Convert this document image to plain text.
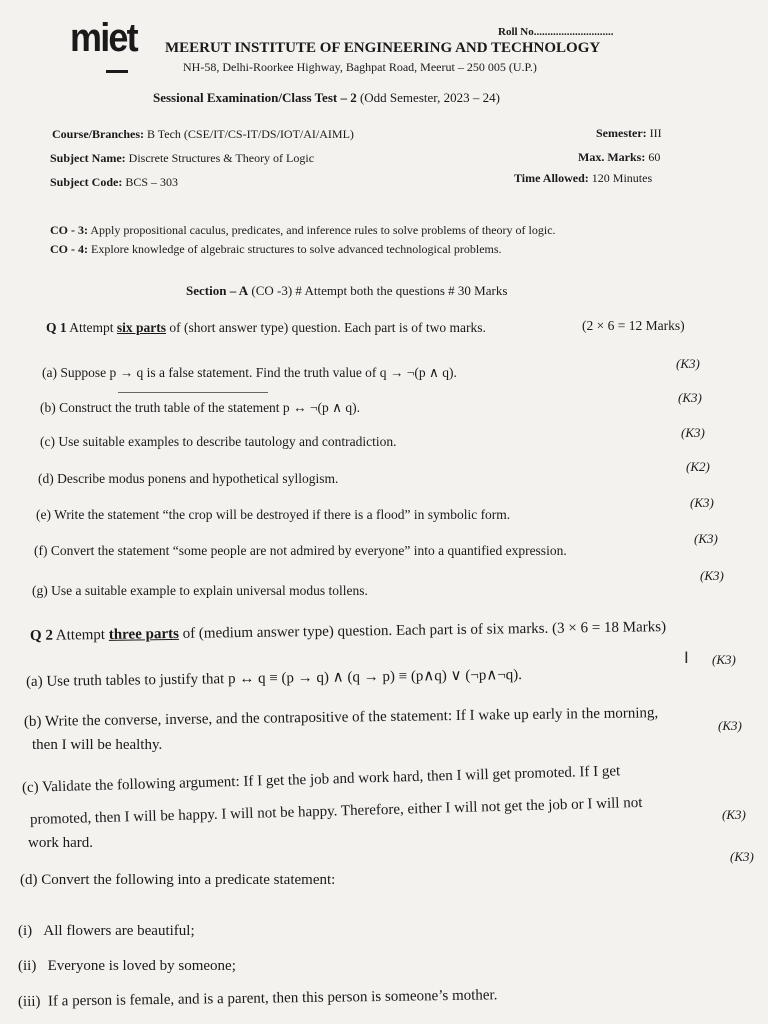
miet	Roll No.............................
MEERUT INSTITUTE OF ENGINEERING AND TECHNOLOGY
NH-58, Delhi-Roorkee Highway, Baghpat Road, Meerut – 250 005 (U.P.)
Sessional Examination/Class Test – 2 (Odd Semester, 2023 – 24)
Course/Branches: B Tech (CSE/IT/CS-IT/DS/IOT/AI/AIML)
Subject Name: Discrete Structures & Theory of Logic
Subject Code: BCS – 303
Semester: III
Max. Marks: 60
Time Allowed: 120 Minutes
CO - 3: Apply propositional caculus, predicates, and inference rules to solve problems of theory of logic.
CO - 4: Explore knowledge of algebraic structures to solve advanced technological problems.
Section – A (CO -3) # Attempt both the questions # 30 Marks
Q 1 Attempt six parts of (short answer type) question. Each part is of two marks.	(2 × 6 = 12 Marks)
(a) Suppose p → q is a false statement. Find the truth value of q → ¬(p ∧ q).
(K3)
(b) Construct the truth table of the statement p ↔ ¬(p ∧ q).
(K3)
(c) Use suitable examples to describe tautology and contradiction.
(K3)
(d) Describe modus ponens and hypothetical syllogism.
(K2)
(e) Write the statement “the crop will be destroyed if there is a flood” in symbolic form.
(K3)
(f) Convert the statement “some people are not admired by everyone” into a quantified expression.
(K3)
(g) Use a suitable example to explain universal modus tollens.
(K3)
Q 2 Attempt three parts of (medium answer type) question. Each part is of six marks. (3 × 6 = 18 Marks)
(a) Use truth tables to justify that p ↔ q ≡ (p → q) ∧ (q → p) ≡ (p∧q) ∨ (¬p∧¬q).
I (K3)
(b) Write the converse, inverse, and the contrapositive of the statement: If I wake up early in the morning,
then I will be healthy.
(K3)
(c) Validate the following argument: If I get the job and work hard, then I will get promoted. If I get
promoted, then I will be happy. I will not be happy. Therefore, either I will not get the job or I will not
work hard.
(K3)
(d) Convert the following into a predicate statement:
(K3)
(i) All flowers are beautiful;
(ii) Everyone is loved by someone;
(iii) If a person is female, and is a parent, then this person is someone’s mother.
